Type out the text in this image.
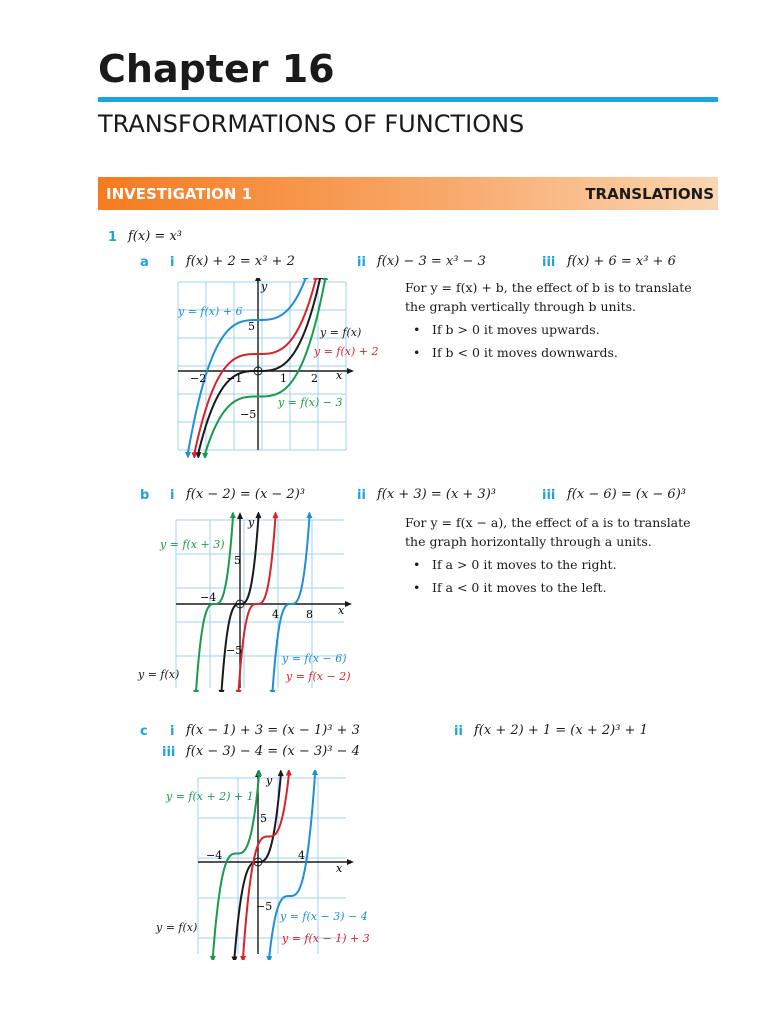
Chapter 16
TRANSFORMATIONS OF FUNCTIONS
INVESTIGATION 1	TRANSLATIONS
1 f(x) = x³
a i f(x) + 2 = x³ + 2	ii f(x) − 3 = x³ − 3	iii f(x) + 6 = x³ + 6
For y = f(x) + b, the effect of b is to translate
the graph vertically through b units.
• If b > 0 it moves upwards.
• If b < 0 it moves downwards.
y
x
5
−5
−2 −1	1 2
y = f(x) + 6
y = f(x)
y = f(x) + 2
y = f(x) − 3
b i f(x − 2) = (x − 2)³	ii f(x + 3) = (x + 3)³	iii f(x − 6) = (x − 6)³
For y = f(x − a), the effect of a is to translate
the graph horizontally through a units.
• If a > 0 it moves to the right.
• If a < 0 it moves to the left.
y
x
5
−5
−4
4 8
y = f(x + 3)
y = f(x)
y = f(x − 6)
y = f(x − 2)
c i f(x − 1) + 3 = (x − 1)³ + 3	ii f(x + 2) + 1 = (x + 2)³ + 1
iii f(x − 3) − 4 = (x − 3)³ − 4
y
x
5
−5
−4	4
y = f(x + 2) + 1
y = f(x)
y = f(x − 3) − 4
y = f(x − 1) + 3
